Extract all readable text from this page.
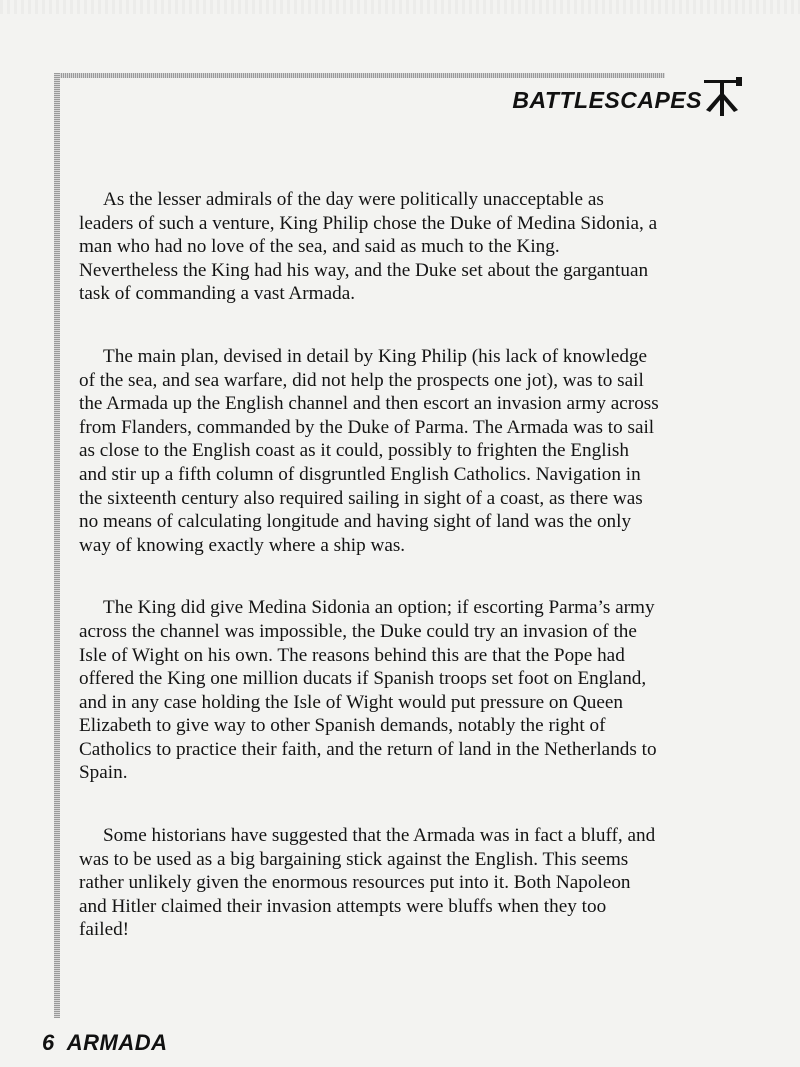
BATTLESCAPES

As the lesser admirals of the day were politically unacceptable as leaders of such a venture, King Philip chose the Duke of Medina Sidonia, a man who had no love of the sea, and said as much to the King. Nevertheless the King had his way, and the Duke set about the gargantuan task of commanding a vast Armada.

The main plan, devised in detail by King Philip (his lack of knowledge of the sea, and sea warfare, did not help the prospects one jot), was to sail the Armada up the English channel and then escort an invasion army across from Flanders, commanded by the Duke of Parma. The Armada was to sail as close to the English coast as it could, possibly to frighten the English and stir up a fifth column of disgruntled English Catholics. Navigation in the sixteenth century also required sailing in sight of a coast, as there was no means of calculating longitude and having sight of land was the only way of knowing exactly where a ship was.

The King did give Medina Sidonia an option; if escorting Parma’s army across the channel was impossible, the Duke could try an invasion of the Isle of Wight on his own. The reasons behind this are that the Pope had offered the King one million ducats if Spanish troops set foot on England, and in any case holding the Isle of Wight would put pressure on Queen Elizabeth to give way to other Spanish demands, notably the right of Catholics to practice their faith, and the return of land in the Netherlands to Spain.

Some historians have suggested that the Armada was in fact a bluff, and was to be used as a big bargaining stick against the English. This seems rather unlikely given the enormous resources put into it. Both Napoleon and Hitler claimed their invasion attempts were bluffs when they too failed!

6 ARMADA
